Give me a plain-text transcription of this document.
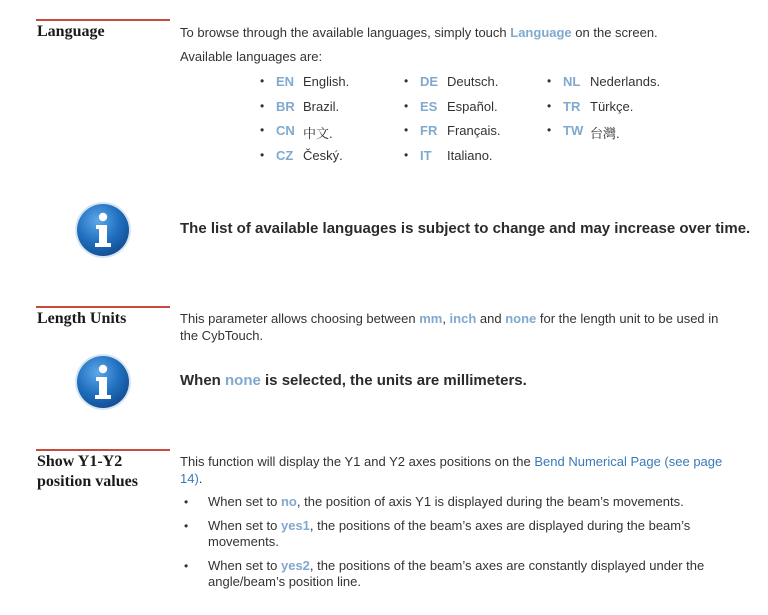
Language	To browse through the available languages, simply touch Language on the screen.
Available languages are:
• EN English.
• BR Brazil.
• CN 中文.
• CZ Český.
• DE Deutsch.
• ES Español.
• FR Français.
• IT	Italiano.
• NL Nederlands.
• TR Türkçe.
• TW 台灣.
The list of available languages is subject to change and may increase over time.
Length Units	This parameter allows choosing between mm, inch and none for the length unit to be used in the CybTouch.
When none is selected, the units are millimeters.
Show Y1-Y2
position values
This function will display the Y1 and Y2 axes positions on the Bend Numerical Page (see page 14).
•	When set to no, the position of axis Y1 is displayed during the beam’s movements.
•	When set to yes1, the positions of the beam’s axes are displayed during the beam’s movements.
•	When set to yes2, the positions of the beam’s axes are constantly displayed under the angle/beam’s position line.
